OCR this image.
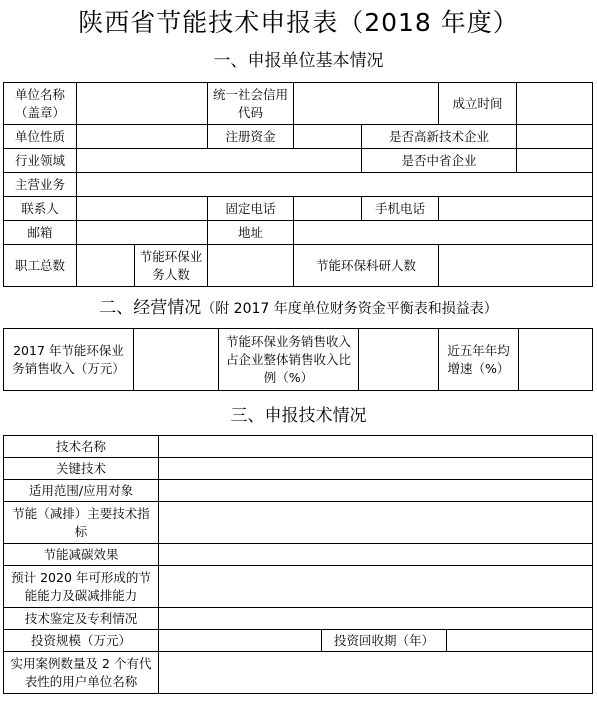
陕西省节能技术申报表（2018 年度）
一、申报单位基本情况
单位名称（盖章）			统一社会信用代码			成立时间	
单位性质			注册资金		是否高新技术企业		
行业领域					是否中省企业		
主营业务							
联系人			固定电话		手机电话		
邮箱			地址				
职工总数		节能环保业务人数		节能环保科研人数			
二、经营情况（附 2017 年度单位财务资金平衡表和损益表）
2017 年节能环保业务销售收入（万元）		节能环保业务销售收入占企业整体销售收入比例（%）		近五年年均增速（%）	
三、申报技术情况
技术名称			
关键技术			
适用范围/应用对象			
节能（减排）主要技术指标			
节能减碳效果			
预计 2020 年可形成的节能能力及碳减排能力			
技术鉴定及专利情况			
投资规模（万元）		投资回收期（年）	
实用案例数量及 2 个有代表性的用户单位名称			
